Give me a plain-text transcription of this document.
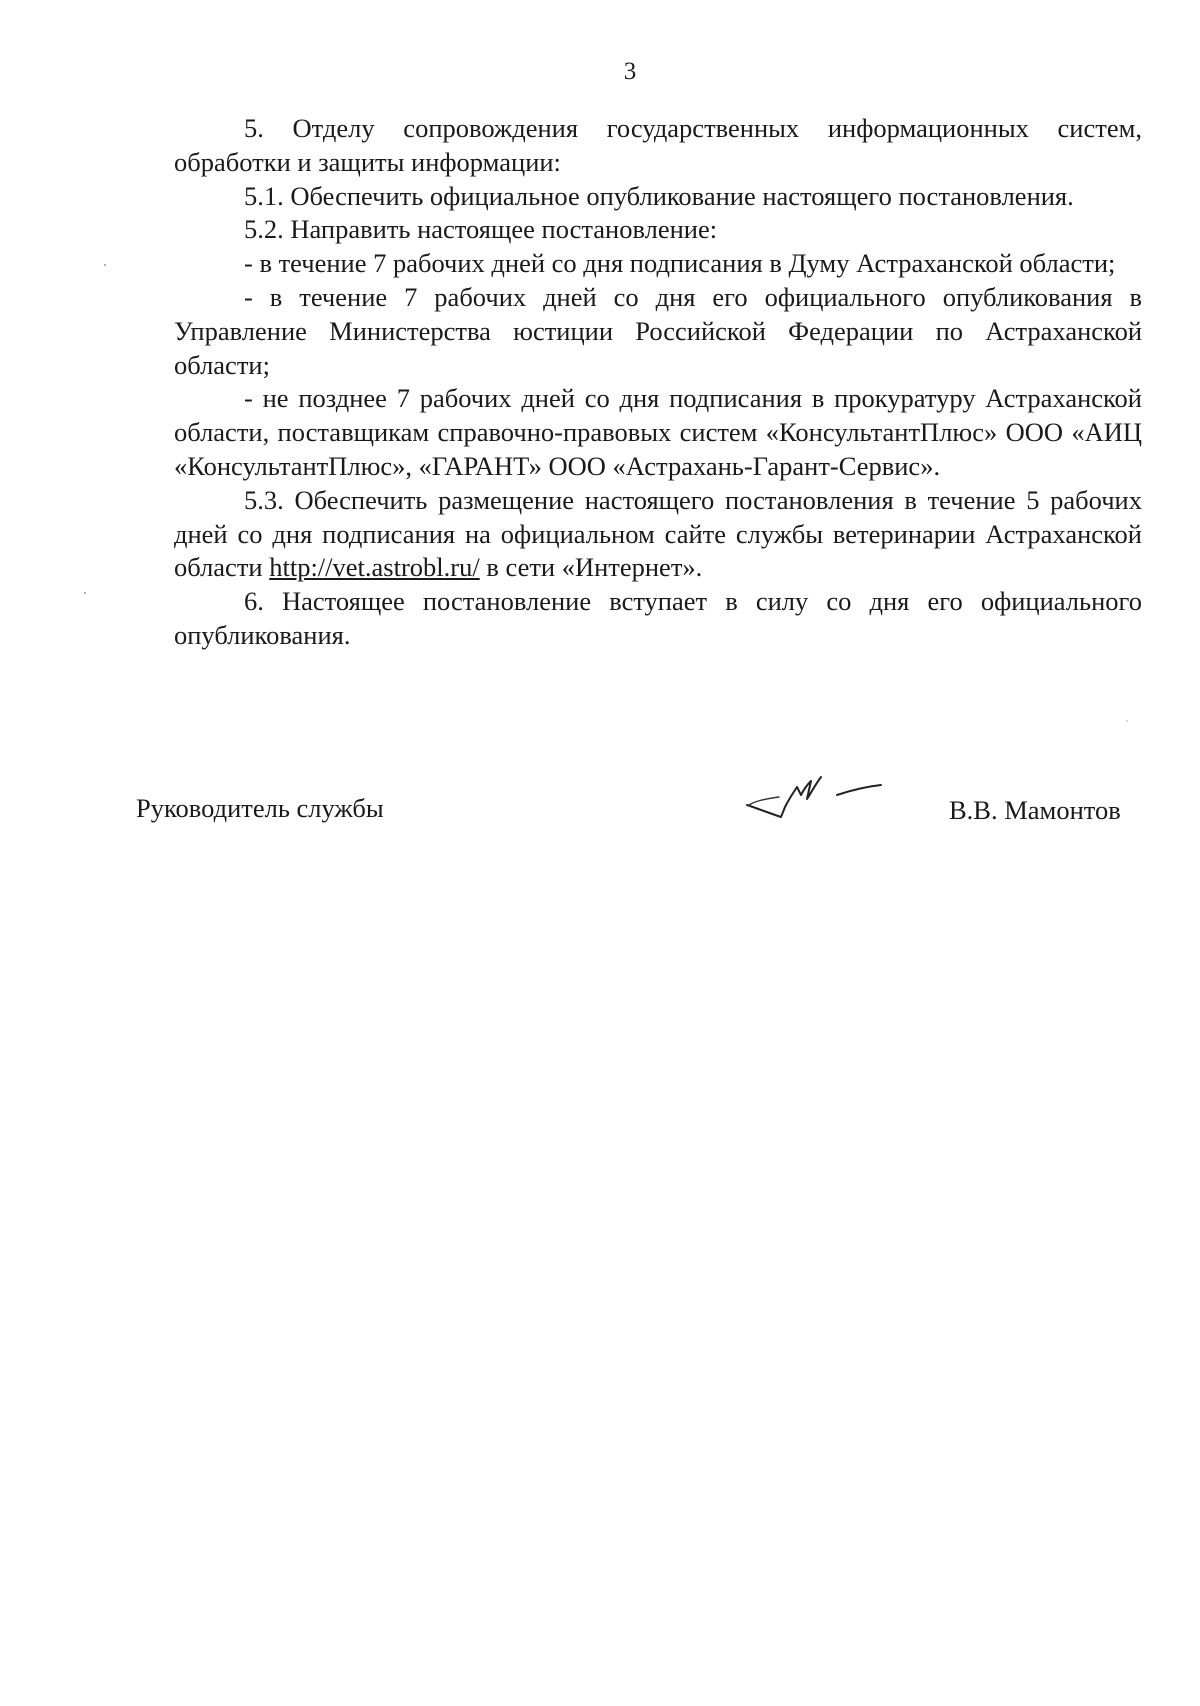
3

5. Отделу сопровождения государственных информационных систем, обработки и защиты информации:

5.1. Обеспечить официальное опубликование настоящего постановления.

5.2. Направить настоящее постановление:

- в течение 7 рабочих дней со дня подписания в Думу Астраханской области;

- в течение 7 рабочих дней со дня его официального опубликования в Управление Министерства юстиции Российской Федерации по Астраханской области;

- не позднее 7 рабочих дней со дня подписания в прокуратуру Астраханской области, поставщикам справочно-правовых систем «КонсультантПлюс» ООО «АИЦ «КонсультантПлюс», «ГАРАНТ» ООО «Астрахань-Гарант-Сервис».

5.3. Обеспечить размещение настоящего постановления в течение 5 рабочих дней со дня подписания на официальном сайте службы ветеринарии Астраханской области http://vet.astrobl.ru/ в сети «Интернет».

6. Настоящее постановление вступает в силу со дня его официального опубликования.

Руководитель службы	В.В. Мамонтов
